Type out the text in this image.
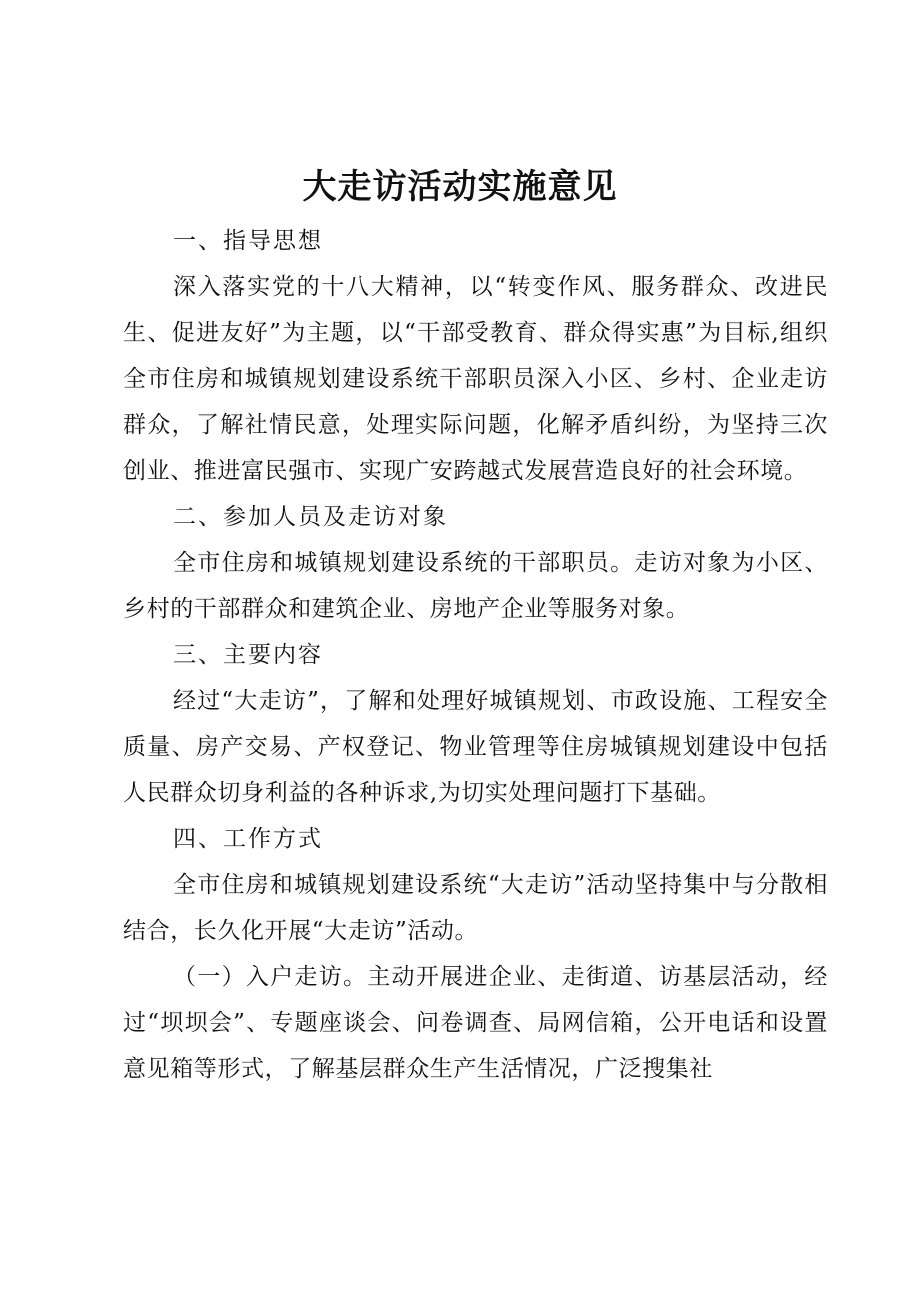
大走访活动实施意见

一、指导思想

深入落实党的十八大精神，以“转变作风、服务群众、改进民生、促进友好”为主题，以“干部受教育、群众得实惠”为目标,组织全市住房和城镇规划建设系统干部职员深入小区、乡村、企业走访群众，了解社情民意，处理实际问题，化解矛盾纠纷，为坚持三次创业、推进富民强市、实现广安跨越式发展营造良好的社会环境。

二、参加人员及走访对象

全市住房和城镇规划建设系统的干部职员。走访对象为小区、乡村的干部群众和建筑企业、房地产企业等服务对象。

三、主要内容

经过“大走访”，了解和处理好城镇规划、市政设施、工程安全质量、房产交易、产权登记、物业管理等住房城镇规划建设中包括人民群众切身利益的各种诉求,为切实处理问题打下基础。

四、工作方式

全市住房和城镇规划建设系统“大走访”活动坚持集中与分散相结合，长久化开展“大走访”活动。

（一）入户走访。主动开展进企业、走街道、访基层活动，经过“坝坝会”、专题座谈会、问卷调查、局网信箱，公开电话和设置意见箱等形式，了解基层群众生产生活情况，广泛搜集社
